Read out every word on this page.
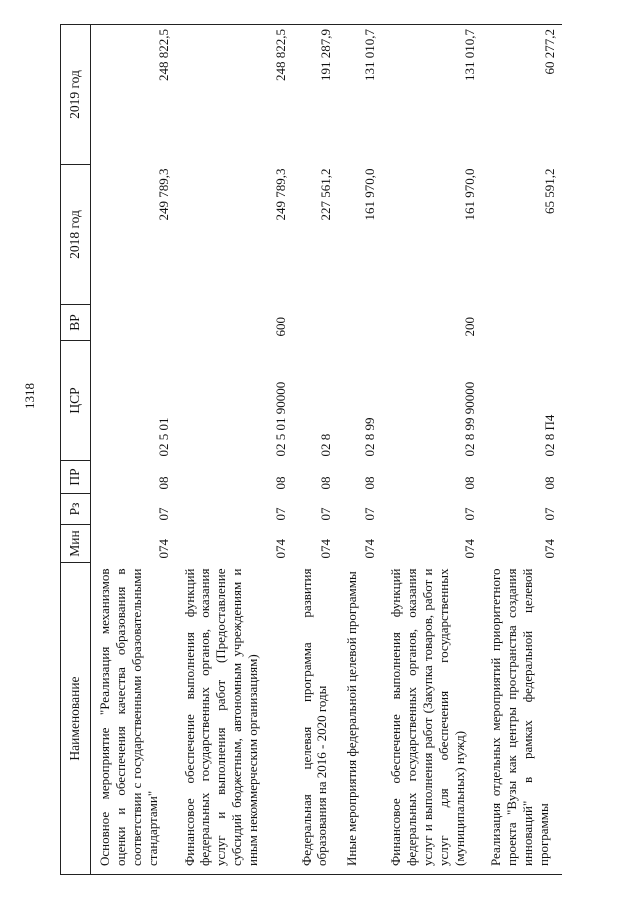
1318
Наименование	Мин	Рз	ПР	ЦСР	ВР	2018 год	2019 год
Основное мероприятие "Реализация механизмов оценки и обеспечения качества образования в соответствии с государственными образовательными стандартами"	074	07	08	02 5 01		249 789,3	248 822,5
Финансовое обеспечение выполнения функций федеральных государственных органов, оказания услуг и выполнения работ (Предоставление субсидий бюджетным, автономным учреждениям и иным некоммерческим организациям)	074	07	08	02 5 01 90000	600	249 789,3	248 822,5
Федеральная целевая программа развития образования на 2016 - 2020 годы	074	07	08	02 8		227 561,2	191 287,9
Иные мероприятия федеральной целевой программы	074	07	08	02 8 99		161 970,0	131 010,7
Финансовое обеспечение выполнения функций федеральных государственных органов, оказания услуг и выполнения работ (Закупка товаров, работ и услуг для обеспечения государственных (муниципальных) нужд)	074	07	08	02 8 99 90000	200	161 970,0	131 010,7
Реализация отдельных мероприятий приоритетного проекта "Вузы как центры пространства создания инноваций" в рамках федеральной целевой программы	074	07	08	02 8 П4		65 591,2	60 277,2
